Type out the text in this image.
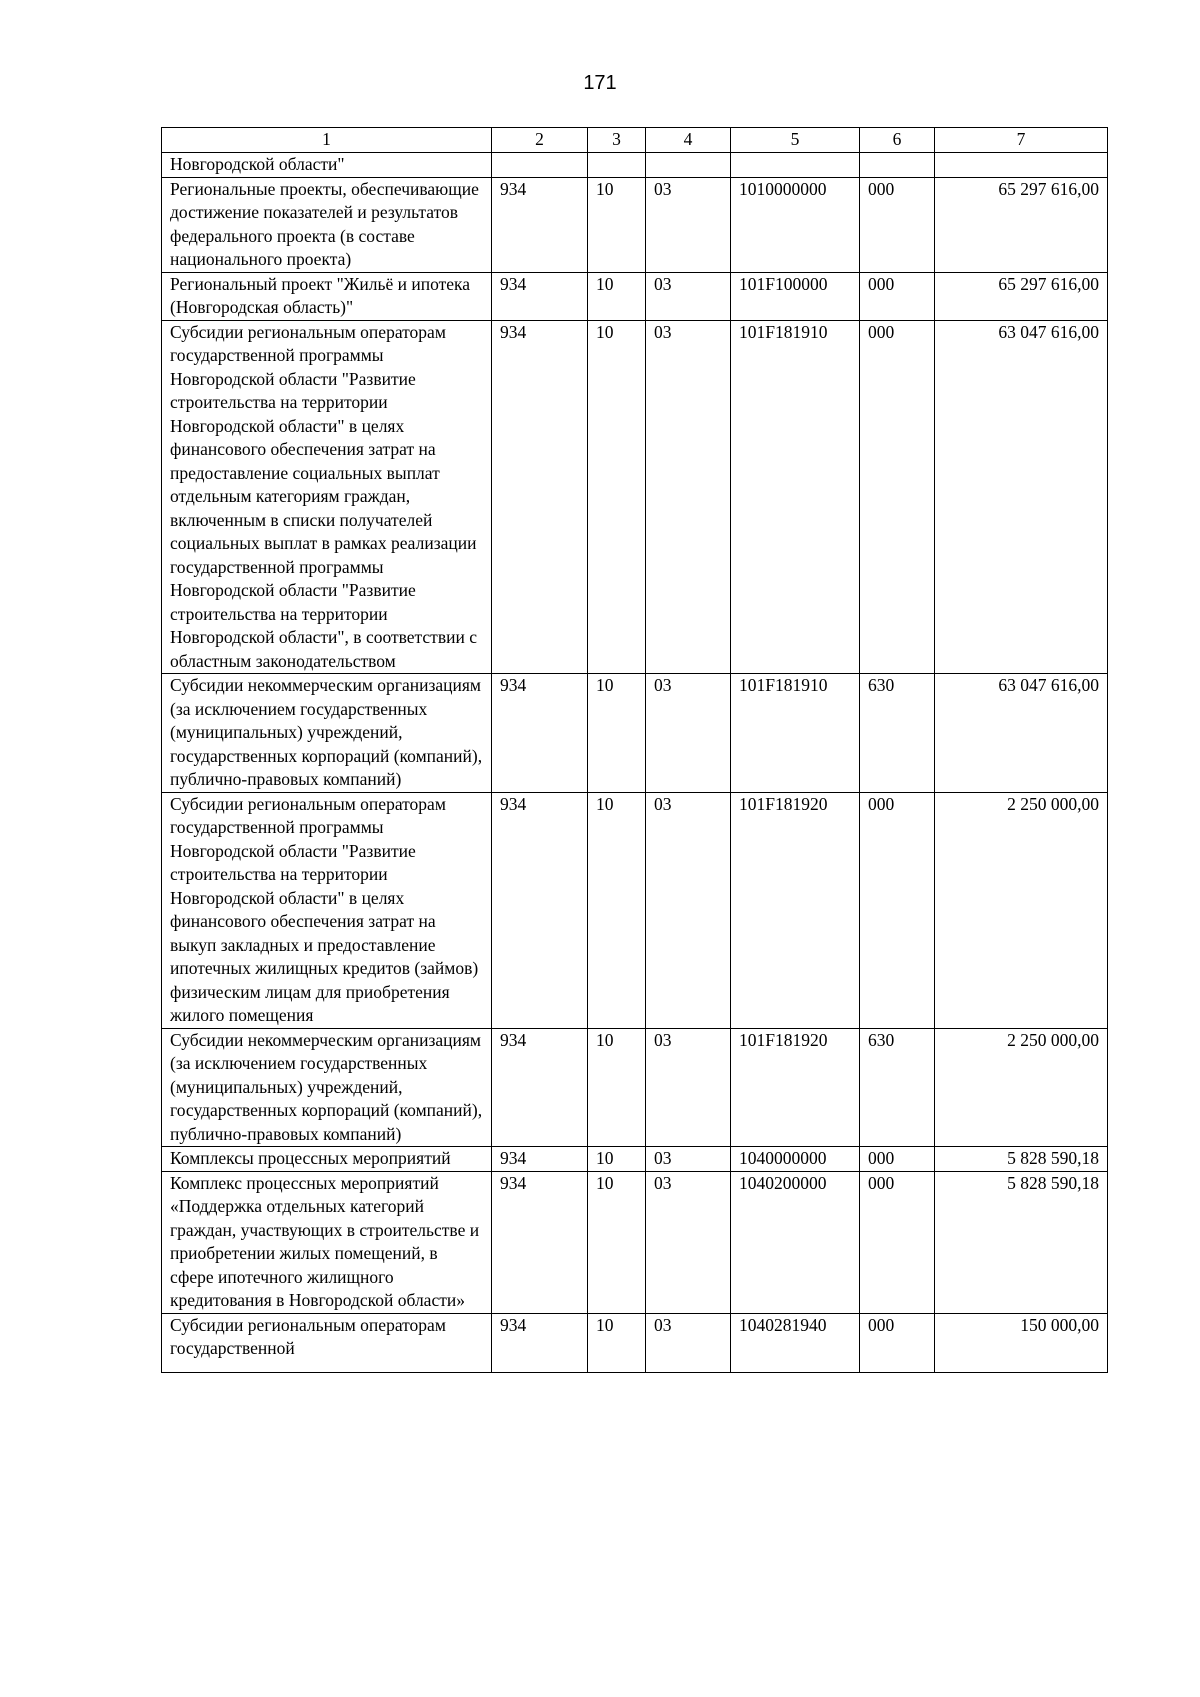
171
1	2	3	4	5	6	7
Новгородской области"						
Региональные проекты, обеспечивающие достижение показателей и результатов федерального проекта (в составе национального проекта)	934	10	03	1010000000	000	65 297 616,00
Региональный проект "Жильё и ипотека (Новгородская область)"	934	10	03	101F100000	000	65 297 616,00
Субсидии региональным операторам государственной программы Новгородской области "Развитие строительства на территории Новгородской области" в целях финансового обеспечения затрат на предоставление социальных выплат отдельным категориям граждан, включенным в списки получателей социальных выплат в рамках реализации государственной программы Новгородской области "Развитие строительства на территории Новгородской области", в соответствии с областным законодательством	934	10	03	101F181910	000	63 047 616,00
Субсидии некоммерческим организациям (за исключением государственных (муниципальных) учреждений, государственных корпораций (компаний), публично-правовых компаний)	934	10	03	101F181910	630	63 047 616,00
Субсидии региональным операторам государственной программы Новгородской области "Развитие строительства на территории Новгородской области" в целях финансового обеспечения затрат на выкуп закладных и предоставление ипотечных жилищных кредитов (займов) физическим лицам для приобретения жилого помещения	934	10	03	101F181920	000	2 250 000,00
Субсидии некоммерческим организациям (за исключением государственных (муниципальных) учреждений, государственных корпораций (компаний), публично-правовых компаний)	934	10	03	101F181920	630	2 250 000,00
Комплексы процессных мероприятий	934	10	03	1040000000	000	5 828 590,18
Комплекс процессных мероприятий «Поддержка отдельных категорий граждан, участвующих в строительстве и приобретении жилых помещений, в сфере ипотечного жилищного кредитования в Новгородской области»	934	10	03	1040200000	000	5 828 590,18
Субсидии региональным операторам государственной	934	10	03	1040281940	000	150 000,00
